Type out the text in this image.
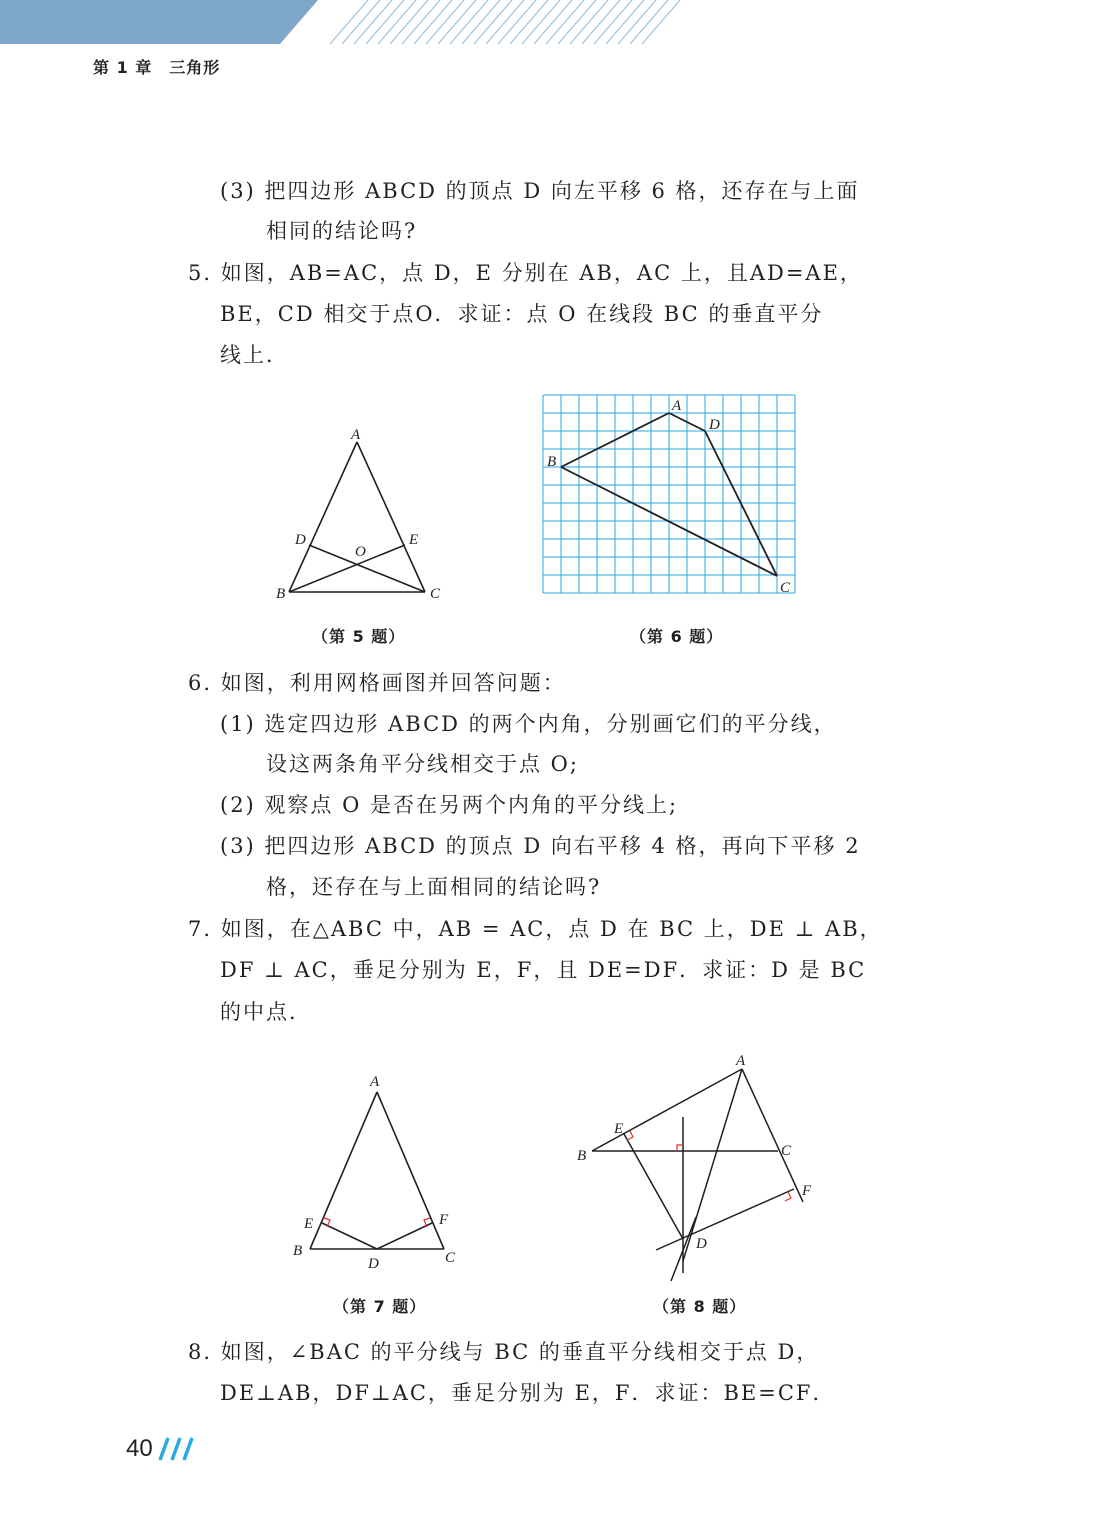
第 1 章　三角形
(3) 把四边形 ABCD 的顶点 D 向左平移 6 格，还存在与上面
相同的结论吗?
5. 如图，AB=AC，点 D，E 分别在 AB，AC 上，且AD=AE，
BE，CD 相交于点O．求证：点 O 在线段 BC 的垂直平分
线上．
A
B	C
D	E
O
（第 5 题）
A
B
C
D
（第 6 题）
6. 如图，利用网格画图并回答问题：
(1) 选定四边形 ABCD 的两个内角，分别画它们的平分线，
设这两条角平分线相交于点 O;
(2) 观察点 O 是否在另两个内角的平分线上;
(3) 把四边形 ABCD 的顶点 D 向右平移 4 格，再向下平移 2
格，还存在与上面相同的结论吗?
7. 如图，在△ABC 中，AB = AC，点 D 在 BC 上，DE ⊥ AB，
DF ⊥ AC，垂足分别为 E，F，且 DE=DF．求证：D 是 BC
的中点．
A
B	C
D
E	F
（第 7 题）
A
B	C
D
E
F
（第 8 题）
8. 如图，∠BAC 的平分线与 BC 的垂直平分线相交于点 D，
DE⊥AB，DF⊥AC，垂足分别为 E，F．求证：BE=CF．
40
